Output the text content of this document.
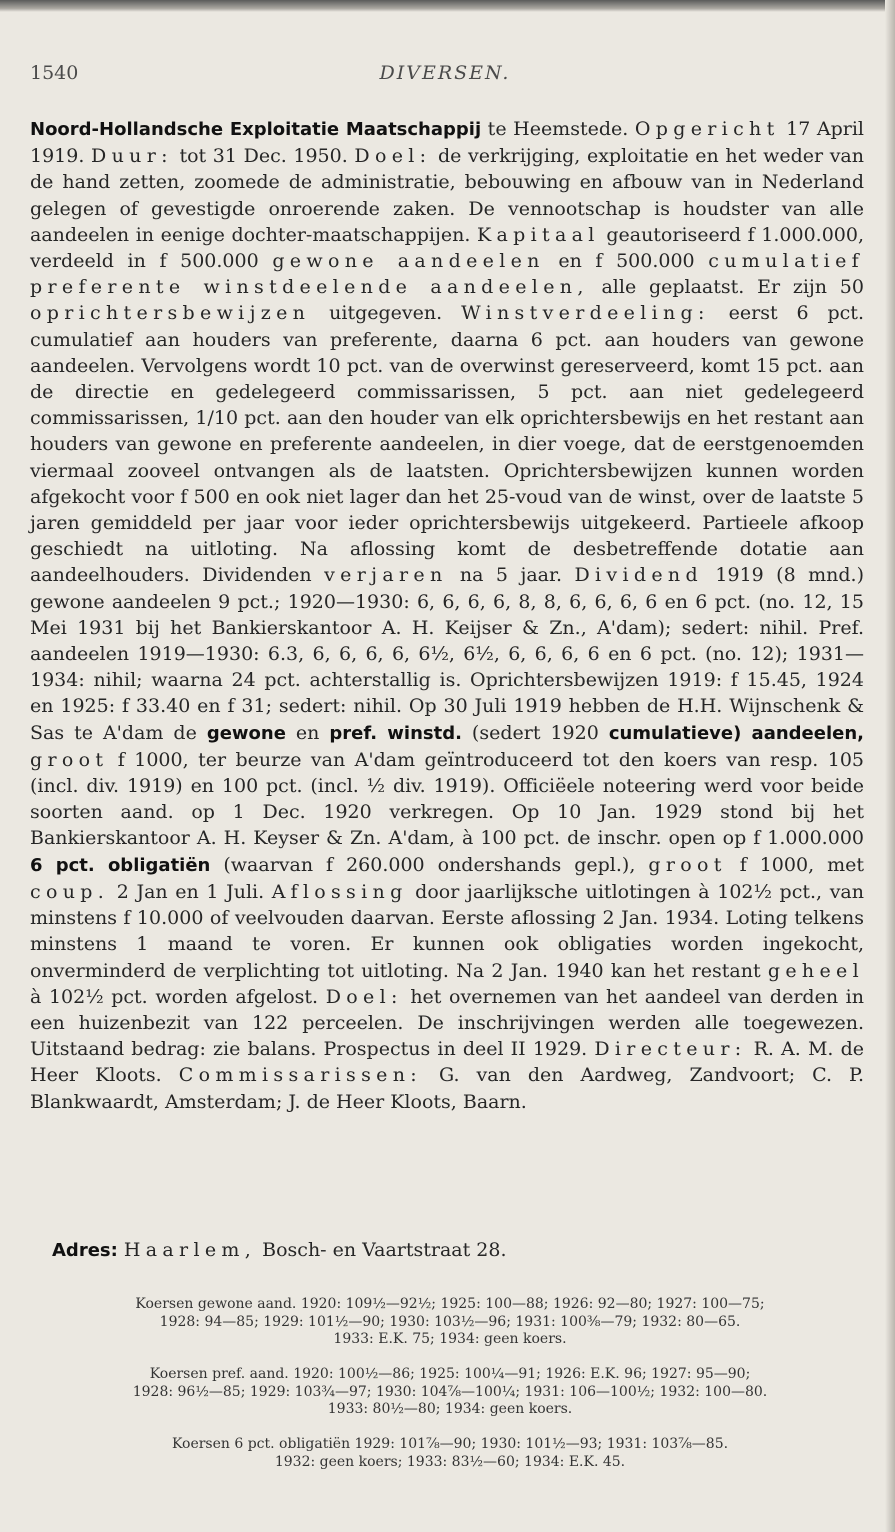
1540	DIVERSEN.

Noord-Hollandsche Exploitatie Maatschappij te Heemstede. Opgericht 17 April 1919. Duur: tot 31 Dec. 1950. Doel: de verkrijging, exploitatie en het weder van de hand zetten, zoomede de administratie, bebouwing en afbouw van in Nederland gelegen of gevestigde onroerende zaken. De vennootschap is houdster van alle aandeelen in eenige dochter-maatschappijen. Kapitaal geautoriseerd f 1.000.000, verdeeld in f 500.000 gewone aandeelen en f 500.000 cumulatief preferente winstdeelende aandeelen, alle geplaatst. Er zijn 50 oprichtersbewijzen uitgegeven. Winstverdeeling: eerst 6 pct. cumulatief aan houders van preferente, daarna 6 pct. aan houders van gewone aandeelen. Vervolgens wordt 10 pct. van de overwinst gereserveerd, komt 15 pct. aan de directie en gedelegeerd commissarissen, 5 pct. aan niet gedelegeerd commissarissen, 1/10 pct. aan den houder van elk oprichtersbewijs en het restant aan houders van gewone en preferente aandeelen, in dier voege, dat de eerstgenoemden viermaal zooveel ontvangen als de laatsten. Oprichtersbewijzen kunnen worden afgekocht voor f 500 en ook niet lager dan het 25-voud van de winst, over de laatste 5 jaren gemiddeld per jaar voor ieder oprichtersbewijs uitgekeerd. Partieele afkoop geschiedt na uitloting. Na aflossing komt de desbetreffende dotatie aan aandeelhouders. Dividenden verjaren na 5 jaar. Dividend 1919 (8 mnd.) gewone aandeelen 9 pct.; 1920—1930: 6, 6, 6, 6, 8, 8, 6, 6, 6, 6 en 6 pct. (no. 12, 15 Mei 1931 bij het Bankierskantoor A. H. Keijser & Zn., A'dam); sedert: nihil. Pref. aandeelen 1919—1930: 6.3, 6, 6, 6, 6, 6½, 6½, 6, 6, 6, 6 en 6 pct. (no. 12); 1931—1934: nihil; waarna 24 pct. achterstallig is. Oprichtersbewijzen 1919: f 15.45, 1924 en 1925: f 33.40 en f 31; sedert: nihil. Op 30 Juli 1919 hebben de H.H. Wijnschenk & Sas te A'dam de gewone en pref. winstd. (sedert 1920 cumulatieve) aandeelen, groot f 1000, ter beurze van A'dam geïntroduceerd tot den koers van resp. 105 (incl. div. 1919) en 100 pct. (incl. ½ div. 1919). Officiëele noteering werd voor beide soorten aand. op 1 Dec. 1920 verkregen. Op 10 Jan. 1929 stond bij het Bankierskantoor A. H. Keyser & Zn. A'dam, à 100 pct. de inschr. open op f 1.000.000 6 pct. obligatiën (waarvan f 260.000 ondershands gepl.), groot f 1000, met coup. 2 Jan en 1 Juli. Aflossing door jaarlijksche uitlotingen à 102½ pct., van minstens f 10.000 of veelvouden daarvan. Eerste aflossing 2 Jan. 1934. Loting telkens minstens 1 maand te voren. Er kunnen ook obligaties worden ingekocht, onverminderd de verplichting tot uitloting. Na 2 Jan. 1940 kan het restant geheel à 102½ pct. worden afgelost. Doel: het overnemen van het aandeel van derden in een huizenbezit van 122 perceelen. De inschrijvingen werden alle toegewezen. Uitstaand bedrag: zie balans. Prospectus in deel II 1929. Directeur: R. A. M. de Heer Kloots. Commissarissen: G. van den Aardweg, Zandvoort; C. P. Blankwaardt, Amsterdam; J. de Heer Kloots, Baarn.

Adres: Haarlem, Bosch- en Vaartstraat 28.

Koersen gewone aand. 1920: 109½—92½; 1925: 100—88; 1926: 92—80; 1927: 100—75;

1928: 94—85; 1929: 101½—90; 1930: 103½—96; 1931: 100⅜—79; 1932: 80—65.

1933: E.K. 75; 1934: geen koers.

Koersen pref. aand. 1920: 100½—86; 1925: 100¼—91; 1926: E.K. 96; 1927: 95—90;

1928: 96½—85; 1929: 103¾—97; 1930: 104⅞—100¼; 1931: 106—100½; 1932: 100—80.

1933: 80½—80; 1934: geen koers.

Koersen 6 pct. obligatiën 1929: 101⅞—90; 1930: 101½—93; 1931: 103⅞—85.

1932: geen koers; 1933: 83½—60; 1934: E.K. 45.
